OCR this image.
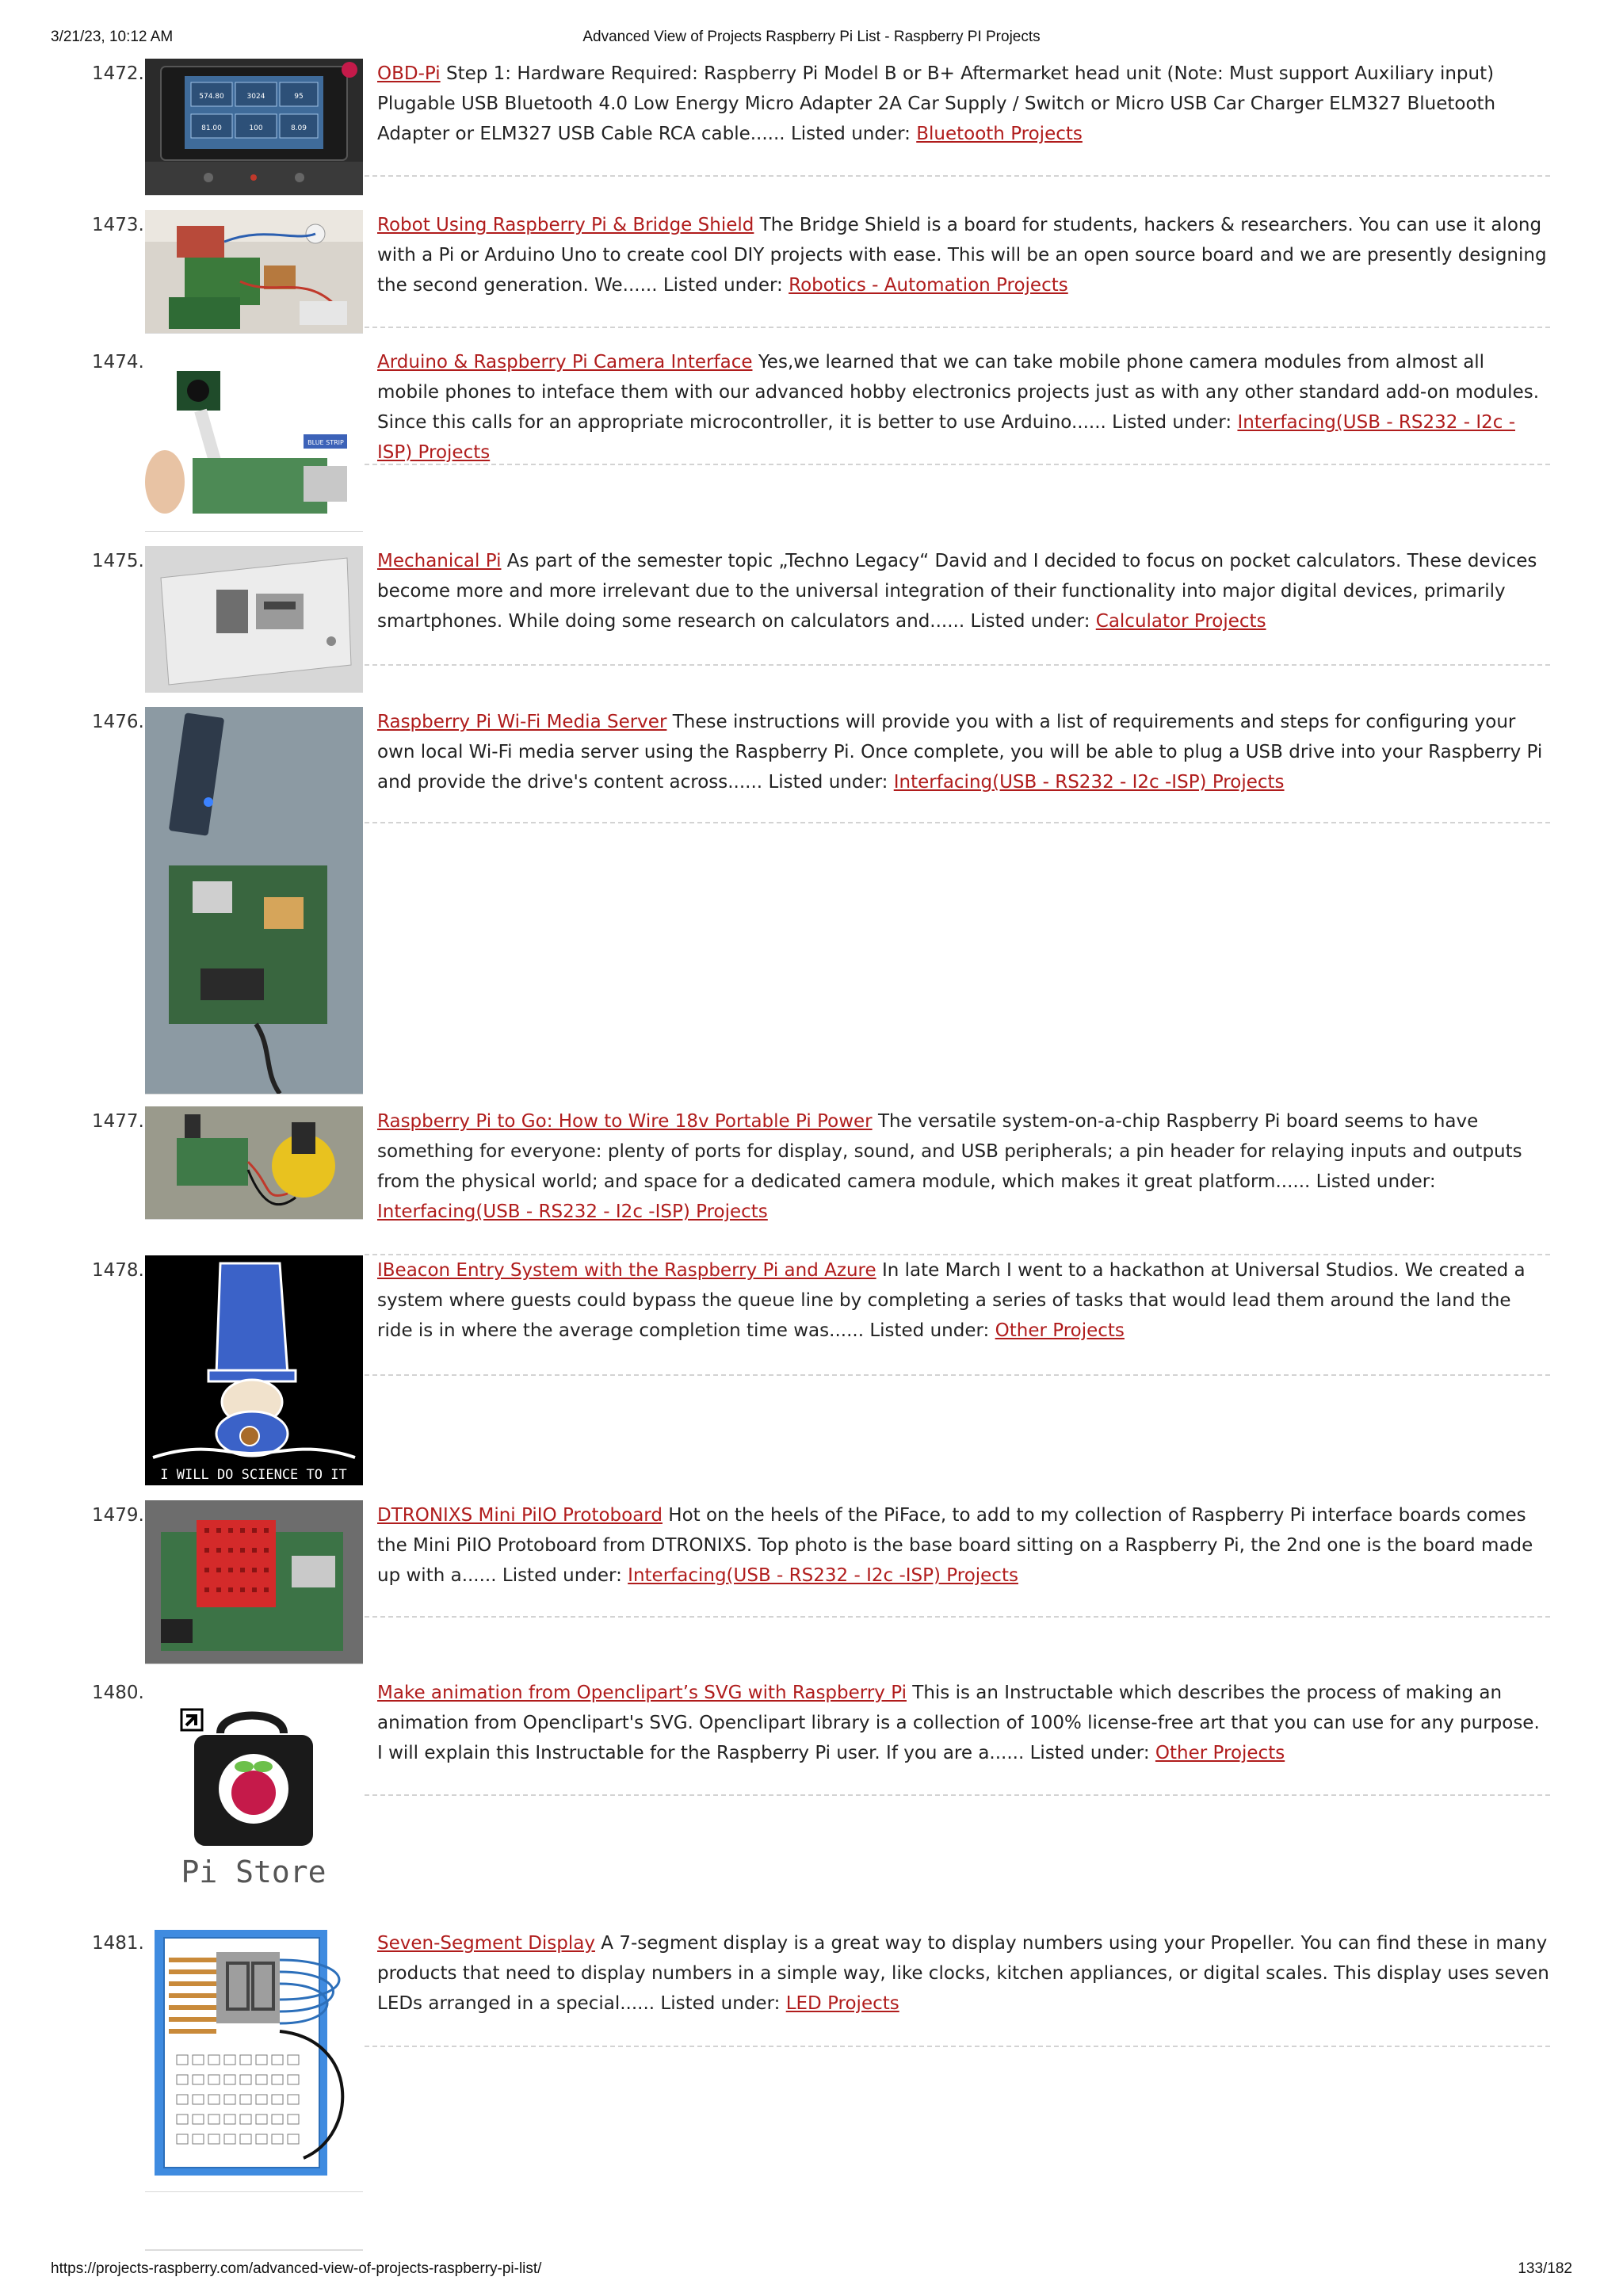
3/21/23, 10:12 AM	Advanced View of Projects Raspberry Pi List - Raspberry PI Projects
1472.
574.80	3024	95
81.00	100	8.09
OBD-Pi Step 1: Hardware Required: Raspberry Pi Model B or B+ Aftermarket head unit (Note: Must support Auxiliary input) Plugable USB Bluetooth 4.0 Low Energy Micro Adapter 2A Car Supply / Switch or Micro USB Car Charger ELM327 Bluetooth Adapter or ELM327 USB Cable RCA cable...... Listed under: Bluetooth Projects
1473.	Robot Using Raspberry Pi & Bridge Shield The Bridge Shield is a board for students, hackers & researchers. You can use it along with a Pi or Arduino Uno to create cool DIY projects with ease. This will be an open source board and we are presently designing the second generation. We...... Listed under: Robotics - Automation Projects
1474.
BLUE STRIP
Arduino & Raspberry Pi Camera Interface Yes,we learned that we can take mobile phone camera modules from almost all mobile phones to inteface them with our advanced hobby electronics projects just as with any other standard add-on modules. Since this calls for an appropriate microcontroller, it is better to use Arduino...... Listed under: Interfacing(USB - RS232 - I2c -ISP) Projects
1475.	Mechanical Pi As part of the semester topic „Techno Legacy“ David and I decided to focus on pocket calculators. These devices become more and more irrelevant due to the universal integration of their functionality into major digital devices, primarily smartphones. While doing some research on calculators and...... Listed under: Calculator Projects
1476.	Raspberry Pi Wi-Fi Media Server These instructions will provide you with a list of requirements and steps for configuring your own local Wi-Fi media server using the Raspberry Pi. Once complete, you will be able to plug a USB drive into your Raspberry Pi and provide the drive's content across...... Listed under: Interfacing(USB - RS232 - I2c -ISP) Projects
1477.	Raspberry Pi to Go: How to Wire 18v Portable Pi Power The versatile system-on-a-chip Raspberry Pi board seems to have something for everyone: plenty of ports for display, sound, and USB peripherals; a pin header for relaying inputs and outputs from the physical world; and space for a dedicated camera module, which makes it great platform...... Listed under: Interfacing(USB - RS232 - I2c -ISP) Projects
1478.
I WILL DO SCIENCE TO IT
IBeacon Entry System with the Raspberry Pi and Azure In late March I went to a hackathon at Universal Studios. We created a system where guests could bypass the queue line by completing a series of tasks that would lead them around the land the ride is in where the average completion time was...... Listed under: Other Projects
1479.	DTRONIXS Mini PiIO Protoboard Hot on the heels of the PiFace, to add to my collection of Raspberry Pi interface boards comes the Mini PiIO Protoboard from DTRONIXS. Top photo is the base board sitting on a Raspberry Pi, the 2nd one is the board made up with a...... Listed under: Interfacing(USB - RS232 - I2c -ISP) Projects
1480.
Pi Store
Make animation from Openclipart’s SVG with Raspberry Pi This is an Instructable which describes the process of making an animation from Openclipart's SVG. Openclipart library is a collection of 100% license-free art that you can use for any purpose. I will explain this Instructable for the Raspberry Pi user. If you are a...... Listed under: Other Projects
1481.	Seven-Segment Display A 7-segment display is a great way to display numbers using your Propeller. You can find these in many products that need to display numbers in a simple way, like clocks, kitchen appliances, or digital scales. This display uses seven LEDs arranged in a special...... Listed under: LED Projects
https://projects-raspberry.com/advanced-view-of-projects-raspberry-pi-list/	133/182
